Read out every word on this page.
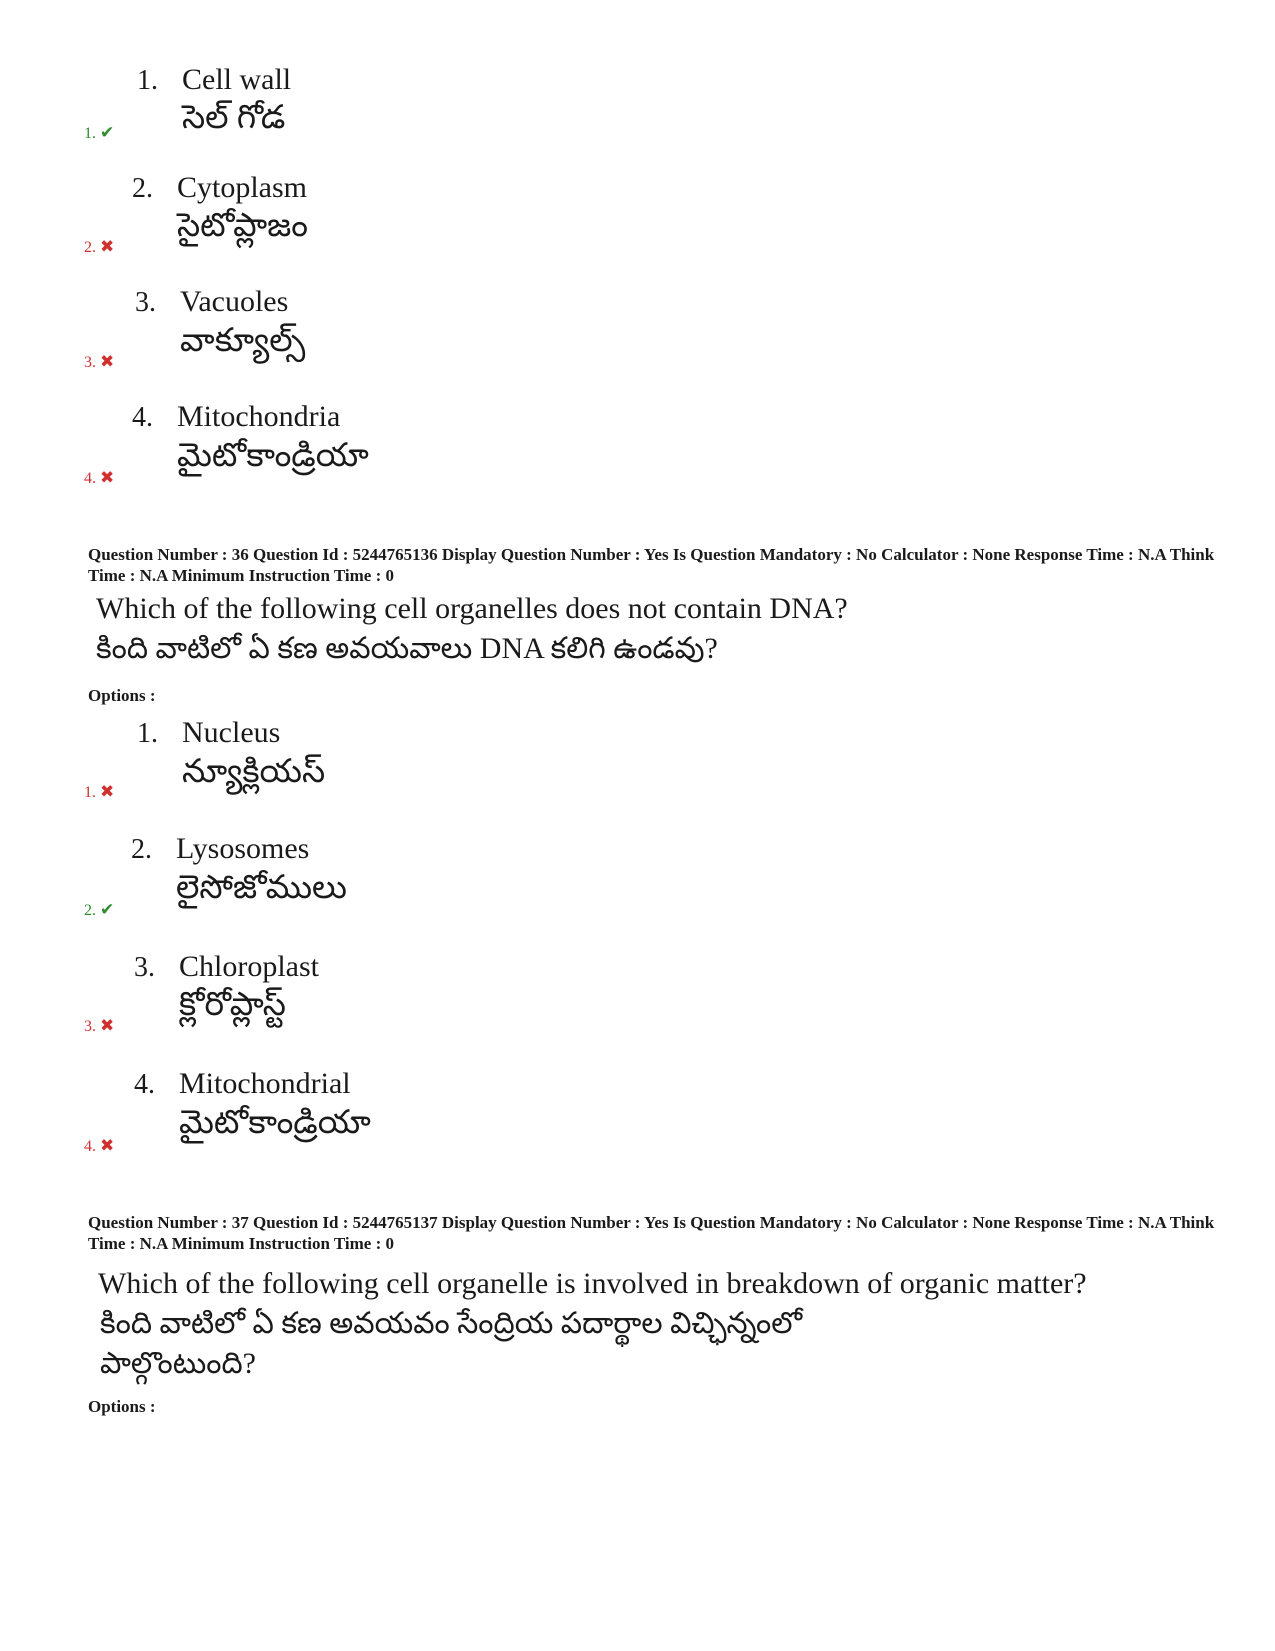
1. Cell wall
సెల్ గోడ
1. ✔
2. Cytoplasm
సైటోప్లాజం
2. ✖
3. Vacuoles
వాక్యూల్స్
3. ✖
4. Mitochondria
మైటోకాండ్రియా
4. ✖
Question Number : 36 Question Id : 5244765136 Display Question Number : Yes Is Question Mandatory : No Calculator : None Response Time : N.A Think Time : N.A Minimum Instruction Time : 0
Which of the following cell organelles does not contain DNA?
కింది వాటిలో ఏ కణ అవయవాలు DNA కలిగి ఉండవు?
Options :
1. Nucleus
న్యూక్లియస్
1. ✖
2. Lysosomes
లైసోజోములు
2. ✔
3. Chloroplast
క్లోరోప్లాస్ట్
3. ✖
4. Mitochondrial
మైటోకాండ్రియా
4. ✖
Question Number : 37 Question Id : 5244765137 Display Question Number : Yes Is Question Mandatory : No Calculator : None Response Time : N.A Think Time : N.A Minimum Instruction Time : 0
Which of the following cell organelle is involved in breakdown of organic matter?
కింది వాటిలో ఏ కణ అవయవం సేంద్రియ పదార్థాల విచ్ఛిన్నంలో
పాల్గొంటుంది?
Options :
